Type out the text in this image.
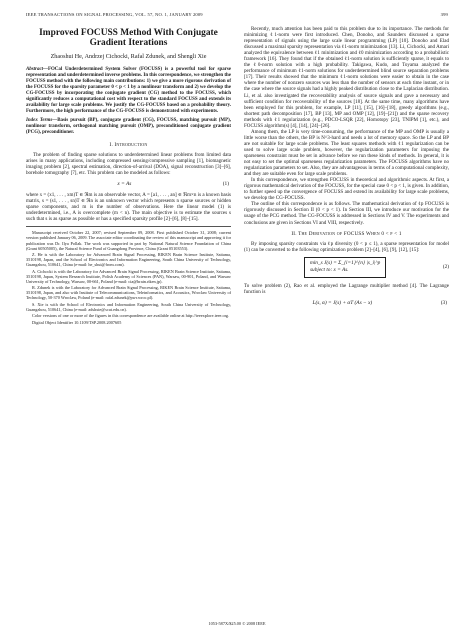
IEEE TRANSACTIONS ON SIGNAL PROCESSING, VOL. 57, NO. 1, JANUARY 2009	399
Improved FOCUSS Method With Conjugate Gradient Iterations
Zhaoshui He, Andrzej Cichocki, Rafal Zdunek, and Shengli Xie
Abstract—FOCal Underdetermined System Solver (FOCUSS) is a powerful tool for sparse representation and underdetermined inverse problems. In this correspondence, we strengthen the FOCUSS method with the following main contributions: 1) we give a more rigorous derivation of the FOCUSS for the sparsity parameter 0 < p < 1 by a nonlinear transform and 2) we develop the CG-FOCUSS by incorporating the conjugate gradient (CG) method to the FOCUSS, which significantly reduces a computational cost with respect to the standard FOCUSS and extends its availability for large scale problems. We justify the CG-FOCUSS based on a probability theory. Furthermore, the high performance of the CG-FOCUSS is demonstrated with experiments.
Index Terms—Basis pursuit (BP), conjugate gradient (CG), FOCUSS, matching pursuit (MP), nonlinear transform, orthogonal matching pursuit (OMP), preconditioned conjugate gradient (PCG), preconditioner.
I. Introduction

The problem of finding sparse solutions to underdetermined linear problems from limited data arises in many applications, including compressed sensing/compressive sampling [1], biomagnetic imaging problem [2], spectral estimation, direction-of-arrival (DOA), signal reconstruction [3]–[6], borehole tomography [7], etc. This problem can be modeled as follows:

x = As	(1)

where x = (x1, . . . , xm)T ∈ ℜm is an observable vector, A = [a1, . . . , an] ∈ ℜm×n is a known basis matrix, s = (s1, . . . , sn)T ∈ ℜn is an unknown vector which represents n sparse sources or hidden sparse components, and m is the number of observations. Here the linear model (1) is underdetermined, i.e., A is overcomplete (m < n). The main objective is to estimate the sources s such that s is as sparse as possible or has a specified sparsity profile [2]–[6], [8]–[15].

Manuscript received October 22, 2007; revised September 09, 2008. First published October 31, 2008; current version published January 06, 2009. The associate editor coordinating the review of this manuscript and approving it for publication was Dr. Ilya Pollak. The work was supported in part by National Natural Science Foundation of China (Grant 60505005), the Natural Science Fund of Guangdong Province, China (Grant 05103553).

Z. He is with the Laboratory for Advanced Brain Signal Processing, RIKEN Brain Science Institute, Saitama, 3510198, Japan, and the School of Electronics and Information Engineering, South China University of Technology, Guangzhou, 510641, China (e-mail: he_shui@from.com).

A. Cichocki is with the Laboratory for Advanced Brain Signal Processing, RIKEN Brain Science Institute, Saitama, 3510198, Japan, System Research Institute, Polish Academy of Sciences (PAN), Warsaw, 00-901, Poland, and Warsaw University of Technology, Warsaw, 00-661, Poland (e-mail: cia@brain.riken.jp).

R. Zdunek is with the Laboratory for Advanced Brain Signal Processing, RIKEN Brain Science Institute, Saitama, 3510198, Japan, and also with Institute of Telecommunications, Teleinformatics, and Acoustics, Wroclaw University of Technology, 50-370 Wroclaw, Poland (e-mail: rafal.zdunek@pwr.wroc.pl).

S. Xie is with the School of Electronics and Information Engineering, South China University of Technology, Guangzhou, 510641, China (e-mail: adshxie@scut.edu.cn).

Color versions of one or more of the figures in this correspondence are available online at http://ieeexplore.ieee.org.

Digital Object Identifier 10.1109/TSP.2008.2007605

Recently, much attention has been paid to this problem due to its importance. The methods for minimizing ℓ1-norm were first introduced. Chen, Donoho, and Saunders discussed a sparse representation of signals using the large scale linear programming (LP) [10]. Donoho and Elad discussed a maximal sparsity representation via ℓ1-norm minimization [13]. Li, Cichocki, and Amari analyzed the equivalence between ℓ1 minimization and ℓ0 minimization according to a probabilistic framework [16]. They found that if the obtained ℓ1-norm solution is sufficiently sparse, it equals to the ℓ0-norm solution with a high probability. Takigawa, Kudo, and Toyama analyzed the performance of minimum ℓ1-norm solutions for underdetermined blind source separation problems [17]. Their results showed that the minimum ℓ1-norm solutions were easier to obtain in the case where the number of nonzero sources was less than the number of sensors at each time instant, or in the case where the source signals had a highly peaked distribution close to the Laplacian distribution. Li, et al. also investigated the recoverability analysis of source signals and gave a necessary and sufficient condition for recoverability of the sources [18]. At the same time, many algorithms have been employed for this problem, for example, LP [11], [15], [16]–[18], greedy algorithms (e.g., shortest path decomposition [17], BP [13], MP and OMP [12], [19]–[21]) and the sparse recovery methods with ℓ1 regularization (e.g., PDCO-LSQR [22], Homotopy [23], TNIPM [1], etc.), and FOCUSS algorithm(s) [4], [14], [24]–[26].

Among them, the LP is very time-consuming, the performance of the MP and OMP is usually a little worse than the others, the BP is N^3-hard and needs a lot of memory space. So the LP and BP are not suitable for large scale problems. The least squares methods with ℓ1 regularization can be used to solve large scale problem, however, the regularization parameters for imposing the sparseness constraint must be set in advance before we run these kinds of methods. In general, it is not easy to set the optimal sparseness regularization parameters. The FOCUSS algorithms have no regularization parameters to set. Also, they are advantageous in terms of a computational complexity, and they are suitable even for large scale problems.

In this correspondence, we strengthen FOCUSS in theoretical and algorithmic aspects. At first, a rigorous mathematical derivation of the FOCUSS, for the special case 0 < p < 1, is given. In addition, to further speed up the convergence of FOCUSS and extend its availability for large scale problems, we develop the CG-FOCUSS.

The outline of this correspondence is as follows. The mathematical derivation of ℓp FOCUSS is rigorously discussed in Section II (0 < p < 1). In Section III, we introduce our motivation for the usage of the PCG method. The CG-FOCUSS is addressed in Sections IV and V. The experiments and conclusions are given in Sections VI and VIII, respectively.

II. The Derivation of FOCUSS When 0 < p < 1

By imposing sparsity constraints via ℓp diversity (0 < p ≤ 1), a sparse representation for model (1) can be converted to the following optimization problem [2]–[4], [6], [9], [12], [15]:

min_s J(s) = Σ_{i=1}^{n} |s_i|^p
subject to: x = As.
(2)

To solve problem (2), Rao et al. employed the Lagrange multiplier method [4]. The Lagrange function is

L(s, α) = J(s) + αT (As − x)	(3)
1053-587X/$25.00 © 2008 IEEE
